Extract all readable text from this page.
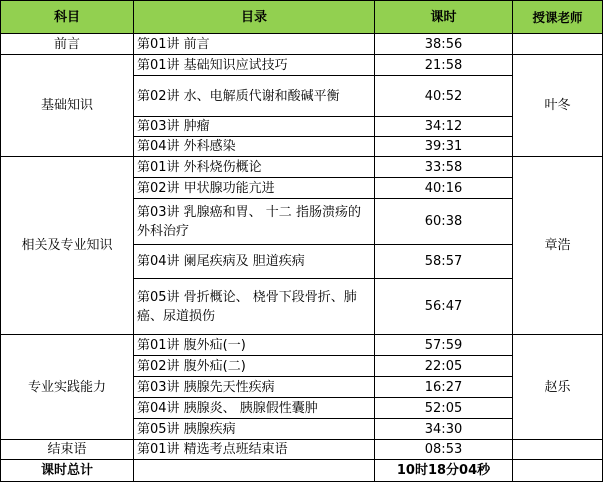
科目	目录	课时	授课老师
前言	第01讲 前言	38:56	
基础知识	第01讲 基础知识应试技巧	21:58	叶冬
	第02讲 水、电解质代谢和酸碱平衡	40:52	
	第03讲 肿瘤	34:12	
	第04讲 外科感染	39:31	
相关及专业知识	第01讲 外科烧伤概论	33:58	章浩
	第02讲 甲状腺功能亢进	40:16	
	第03讲 乳腺癌和胃、 十二 指肠溃疡的外科治疗	60:38	
	第04讲 阑尾疾病及 胆道疾病	58:57	
	第05讲 骨折概论、 桡骨下段骨折、肺癌、尿道损伤	56:47	
专业实践能力	第01讲 腹外疝(一)	57:59	赵乐
	第02讲 腹外疝(二)	22:05	
	第03讲 胰腺先天性疾病	16:27	
	第04讲 胰腺炎、 胰腺假性囊肿	52:05	
	第05讲 胰腺疾病	34:30	
结束语	第01讲 精选考点班结束语	08:53	
课时总计		10时18分04秒	
